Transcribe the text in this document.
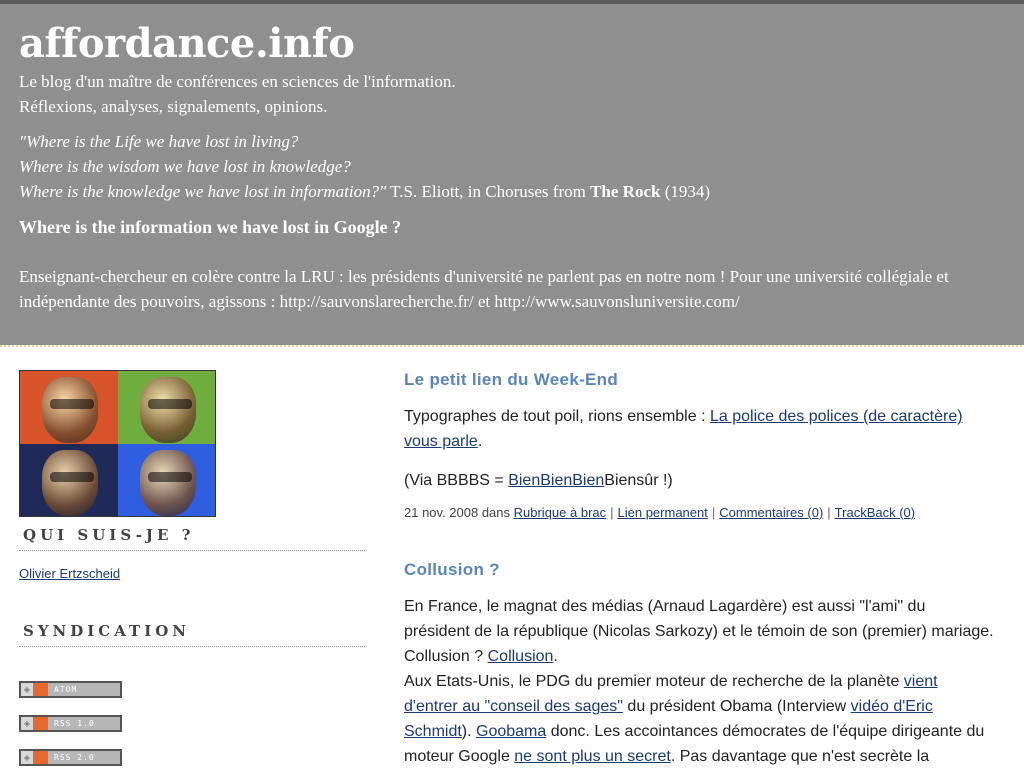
affordance.info

Le blog d'un maître de conférences en sciences de l'information.
Réflexions, analyses, signalements, opinions.

"Where is the Life we have lost in living?
Where is the wisdom we have lost in knowledge?
Where is the knowledge we have lost in information?" T.S. Eliott, in Choruses from The Rock (1934)

Where is the information we have lost in Google ?

Enseignant-chercheur en colère contre la LRU : les présidents d'université ne parlent pas en notre nom ! Pour une université collégiale et indépendante des pouvoirs, agissons : http://sauvonslarecherche.fr/ et http://www.sauvonsluniversite.com/

QUI SUIS-JE ?
Olivier Ertzscheid
SYNDICATION
◈	ATOM
◈	RSS 1.0
◈	RSS 2.0
Le petit lien du Week-End

Typographes de tout poil, rions ensemble : La police des polices (de caractère) vous parle.

(Via BBBBS = BienBienBienBiensûr !)

21 nov. 2008 dans Rubrique à brac | Lien permanent | Commentaires (0) | TrackBack (0)
Collusion ?

En France, le magnat des médias (Arnaud Lagardère) est aussi "l'ami" du président de la république (Nicolas Sarkozy) et le témoin de son (premier) mariage. Collusion ? Collusion.
Aux Etats-Unis, le PDG du premier moteur de recherche de la planète vient d'entrer au "conseil des sages" du président Obama (Interview vidéo d'Eric Schmidt). Goobama donc. Les accointances démocrates de l'équipe dirigeante du moteur Google ne sont plus un secret. Pas davantage que n'est secrète la
